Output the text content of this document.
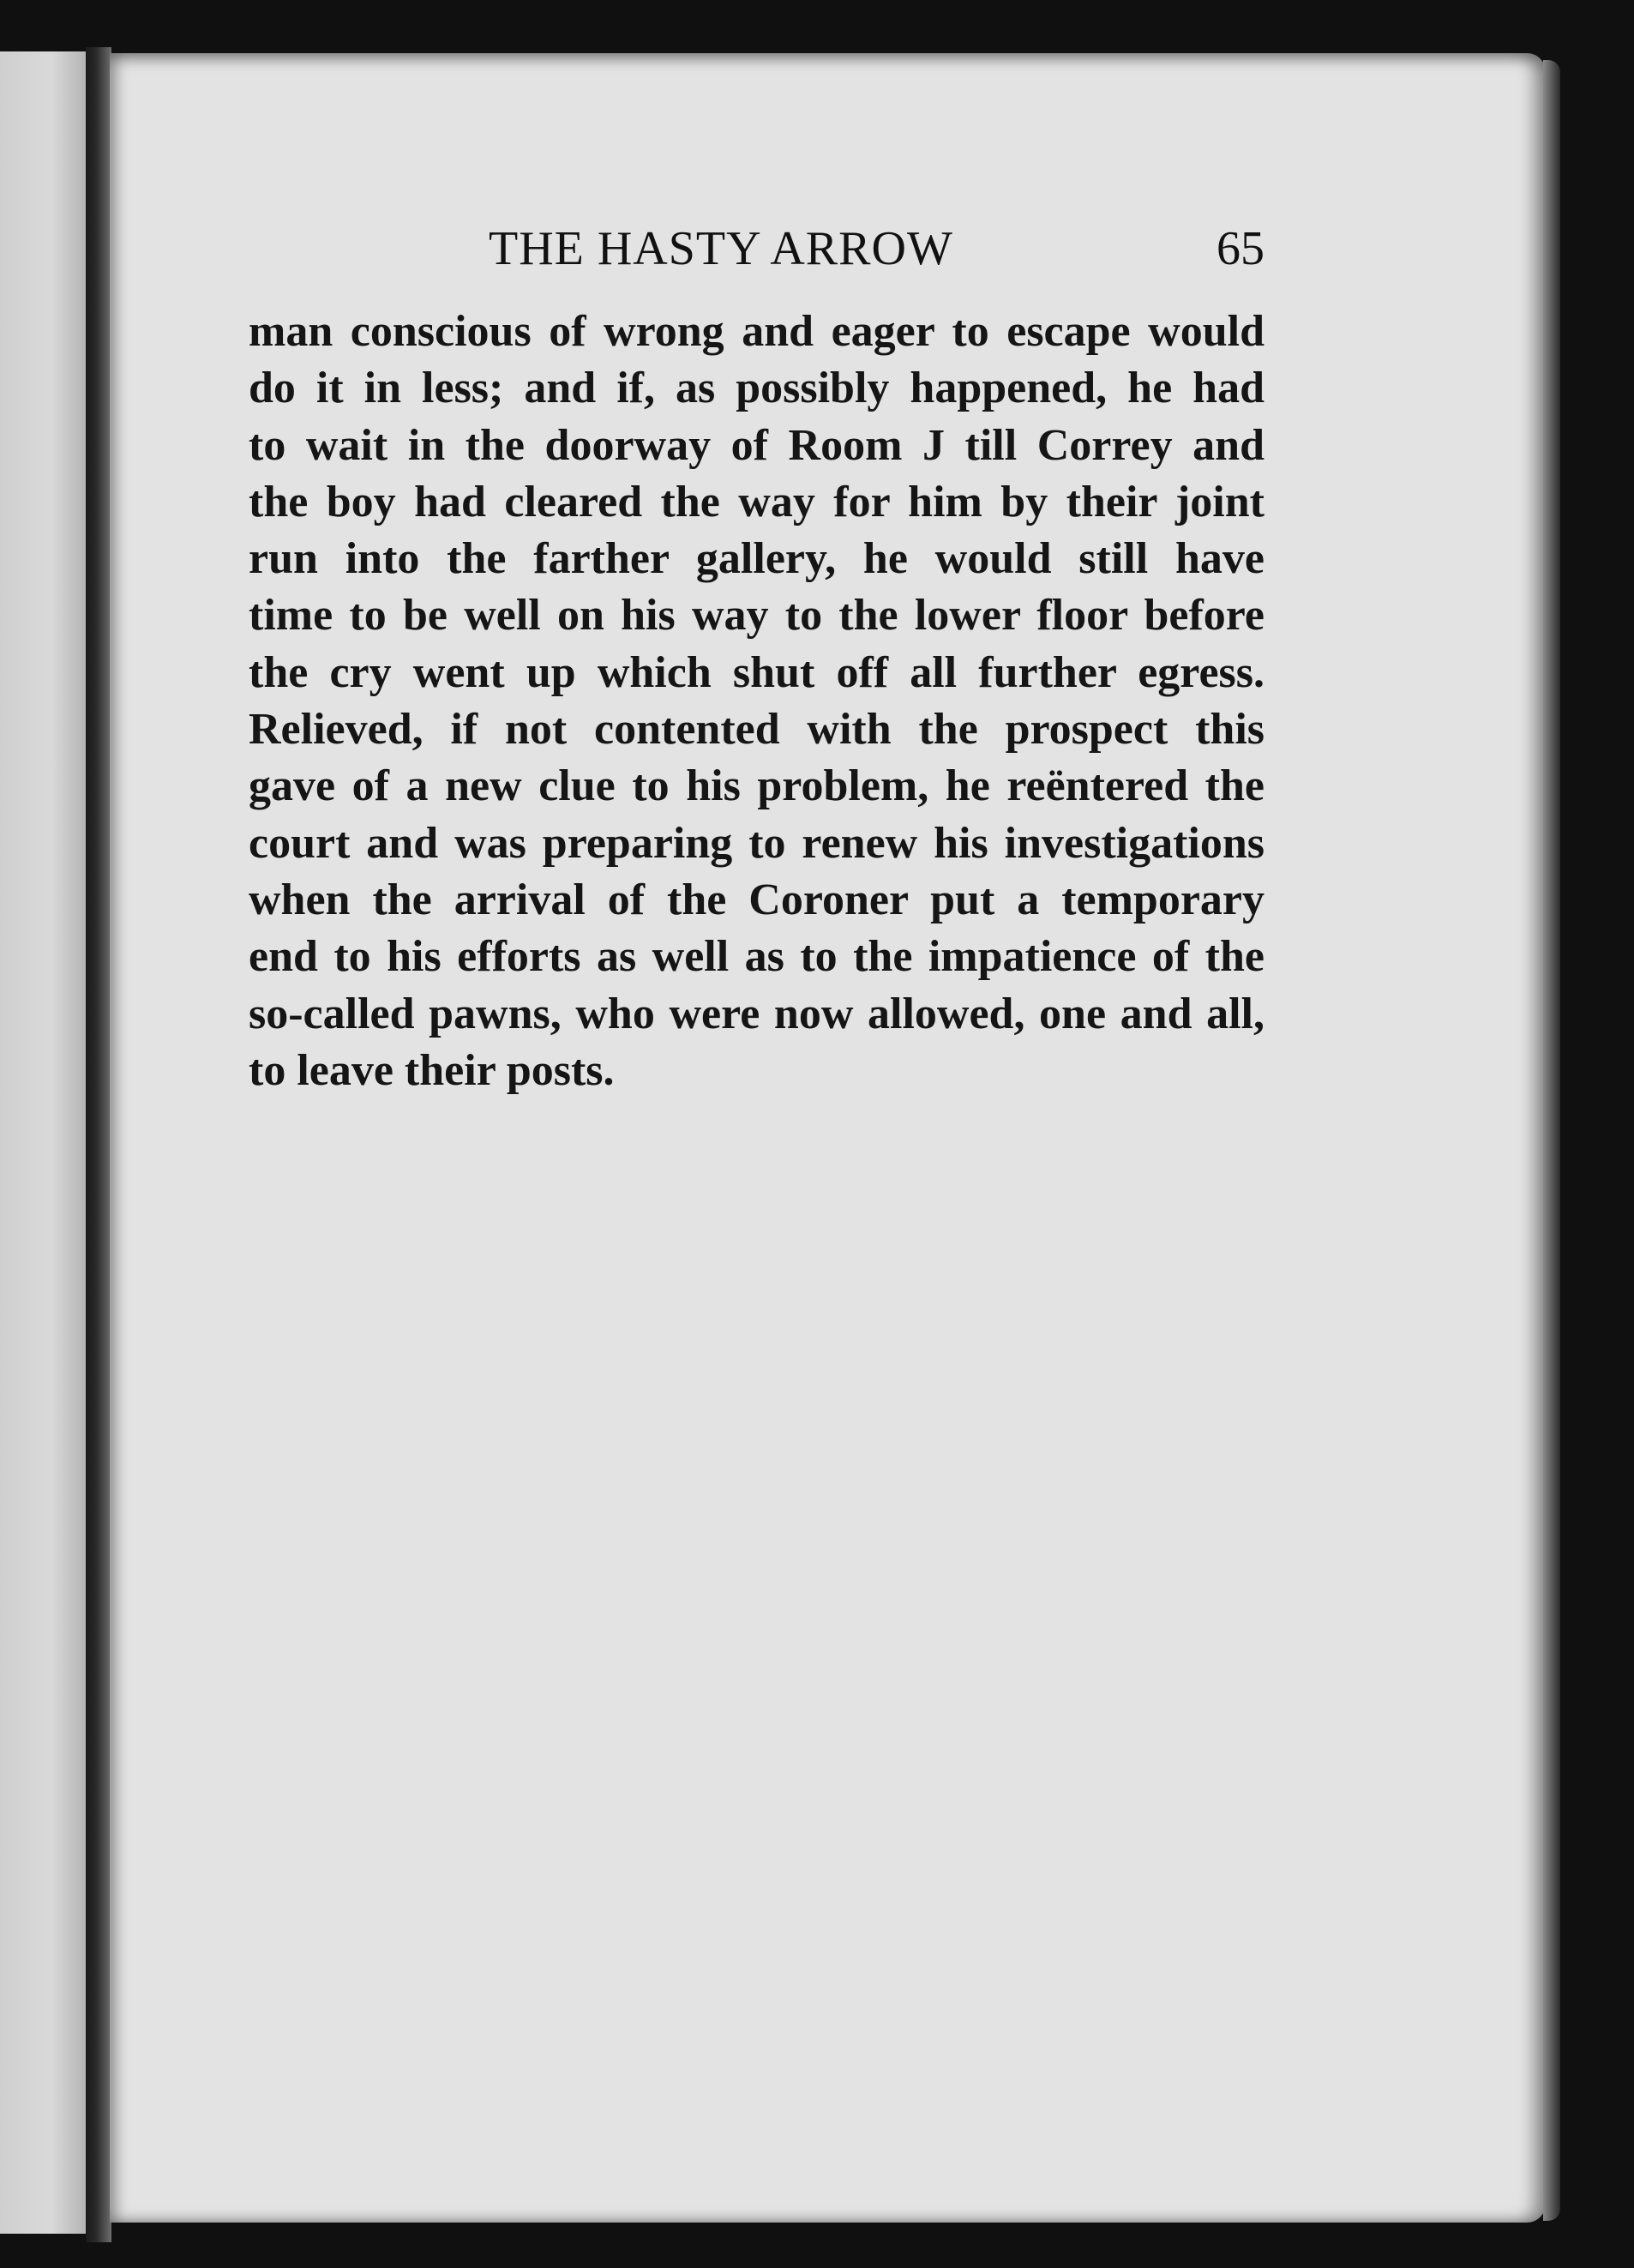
THE HASTY ARROW	65
man conscious of wrong and eager to escape would
do it in less; and if, as possibly happened, he had
to wait in the doorway of Room J till Correy and
the boy had cleared the way for him by their joint
run into the farther gallery, he would still have
time to be well on his way to the lower floor before
the cry went up which shut off all further egress.
Relieved, if not contented with the prospect this
gave of a new clue to his problem, he reëntered the
court and was preparing to renew his investigations
when the arrival of the Coroner put a temporary
end to his efforts as well as to the impatience of the
so-called pawns, who were now allowed, one and all,
to leave their posts.
